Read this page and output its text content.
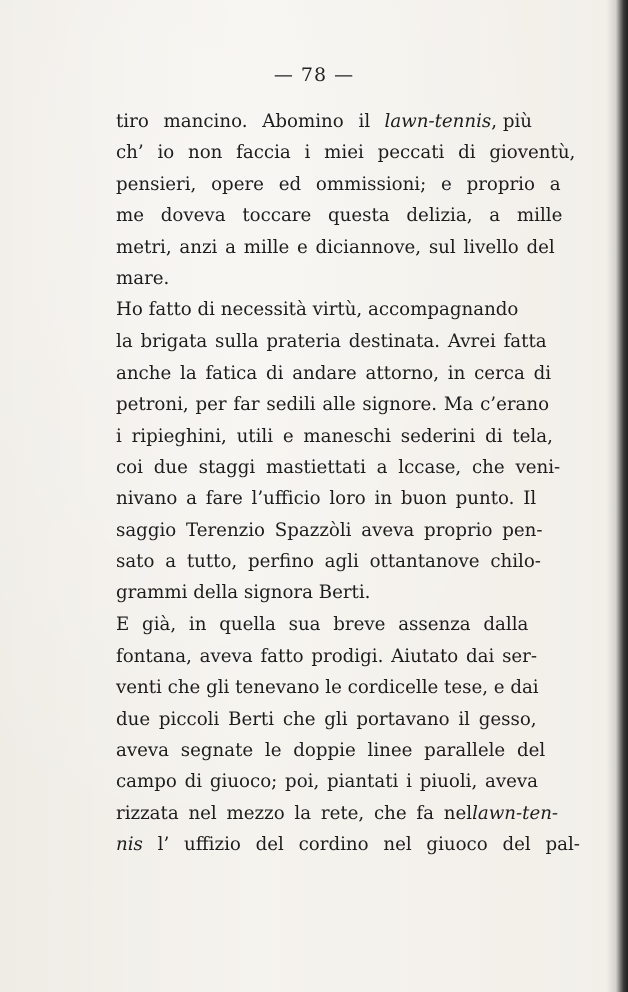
— 78 —
tiro mancino. Abomino il lawn-tennis, più
ch’ io non faccia i miei peccati di gioventù,
pensieri, opere ed ommissioni; e proprio a
me doveva toccare questa delizia, a mille
metri, anzi a mille e diciannove, sul livello del
mare.
Ho fatto di necessità virtù, accompagnando
la brigata sulla prateria destinata. Avrei fatta
anche la fatica di andare attorno, in cerca di
petroni, per far sedili alle signore. Ma c’erano
i ripieghini, utili e maneschi sederini di tela,
coi due staggi mastiettati a lccase, che veni-
nivano a fare l’ufficio loro in buon punto. Il
saggio Terenzio Spazzòli aveva proprio pen-
sato a tutto, perfino agli ottantanove chilo-
grammi della signora Berti.
E già, in quella sua breve assenza dalla
fontana, aveva fatto prodigi. Aiutato dai ser-
venti che gli tenevano le cordicelle tese, e dai
due piccoli Berti che gli portavano il gesso,
aveva segnate le doppie linee parallele del
campo di giuoco; poi, piantati i piuoli, aveva
rizzata nel mezzo la rete, che fa nel lawn-ten-
nis l’ uffizio del cordino nel giuoco del pal-
